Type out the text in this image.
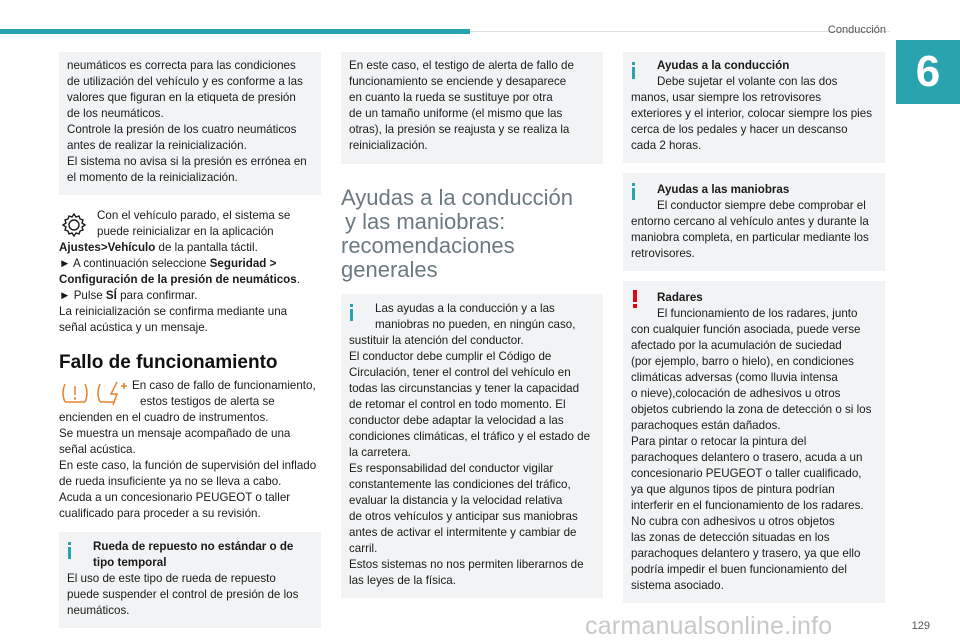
Conducción
6

neumáticos es correcta para las condiciones

de utilización del vehículo y es conforme a las

valores que figuran en la etiqueta de presión

de los neumáticos.

Controle la presión de los cuatro neumáticos

antes de realizar la reinicialización.

El sistema no avisa si la presión es errónea en

el momento de la reinicialización.

Con el vehículo parado, el sistema se

puede reinicializar en la aplicación

Ajustes>Vehículo de la pantalla táctil.

► A continuación seleccione Seguridad >

Configuración de la presión de neumáticos.

► Pulse SÍ para confirmar.

La reinicialización se confirma mediante una

señal acústica y un mensaje.

Fallo de funcionamiento

En caso de fallo de funcionamiento,

estos testigos de alerta se

encienden en el cuadro de instrumentos.

Se muestra un mensaje acompañado de una

señal acústica.

En este caso, la función de supervisión del inflado

de rueda insuficiente ya no se lleva a cabo.

Acuda a un concesionario PEUGEOT o taller

cualificado para proceder a su revisión.

Rueda de repuesto no estándar o de

tipo temporal

El uso de este tipo de rueda de repuesto

puede suspender el control de presión de los

neumáticos.

En este caso, el testigo de alerta de fallo de

funcionamiento se enciende y desaparece

en cuanto la rueda se sustituye por otra

de un tamaño uniforme (el mismo que las

otras), la presión se reajusta y se realiza la

reinicialización.

Ayudas a la conducción
y las maniobras:
recomendaciones
generales

Las ayudas a la conducción y a las

maniobras no pueden, en ningún caso,

sustituir la atención del conductor.

El conductor debe cumplir el Código de

Circulación, tener el control del vehículo en

todas las circunstancias y tener la capacidad

de retomar el control en todo momento. El

conductor debe adaptar la velocidad a las

condiciones climáticas, el tráfico y el estado de

la carretera.

Es responsabilidad del conductor vigilar

constantemente las condiciones del tráfico,

evaluar la distancia y la velocidad relativa

de otros vehículos y anticipar sus maniobras

antes de activar el intermitente y cambiar de

carril.

Estos sistemas no nos permiten liberarnos de

las leyes de la física.

Ayudas a la conducción

Debe sujetar el volante con las dos

manos, usar siempre los retrovisores

exteriores y el interior, colocar siempre los pies

cerca de los pedales y hacer un descanso

cada 2 horas.

Ayudas a las maniobras

El conductor siempre debe comprobar el

entorno cercano al vehículo antes y durante la

maniobra completa, en particular mediante los

retrovisores.

Radares

El funcionamiento de los radares, junto

con cualquier función asociada, puede verse

afectado por la acumulación de suciedad

(por ejemplo, barro o hielo), en condiciones

climáticas adversas (como lluvia intensa

o nieve),colocación de adhesivos u otros

objetos cubriendo la zona de detección o si los

parachoques están dañados.

Para pintar o retocar la pintura del

parachoques delantero o trasero, acuda a un

concesionario PEUGEOT o taller cualificado,

ya que algunos tipos de pintura podrían

interferir en el funcionamiento de los radares.

No cubra con adhesivos u otros objetos

las zonas de detección situadas en los

parachoques delantero y trasero, ya que ello

podría impedir el buen funcionamiento del

sistema asociado.

carmanualsonline.info	129
